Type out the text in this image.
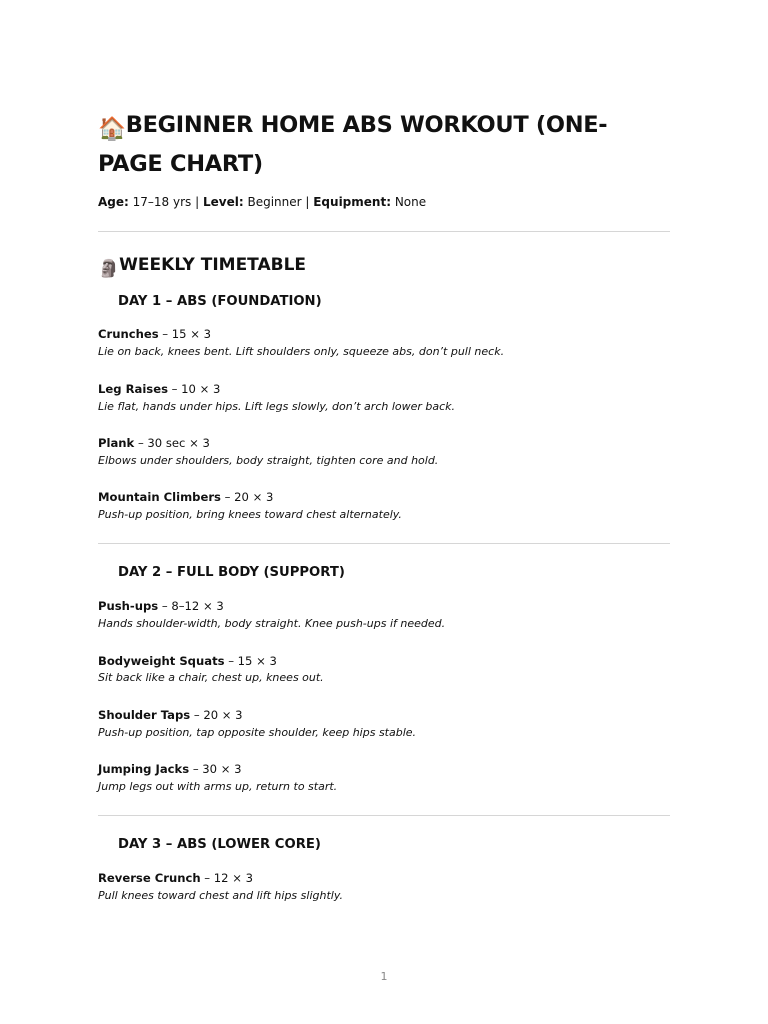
🏠BEGINNER HOME ABS WORKOUT (ONE-PAGE CHART)
Age: 17–18 yrs | Level: Beginner | Equipment: None
🗿WEEKLY TIMETABLE
DAY 1 – ABS (FOUNDATION)
Crunches – 15 × 3
Lie on back, knees bent. Lift shoulders only, squeeze abs, don’t pull neck.
Leg Raises – 10 × 3
Lie flat, hands under hips. Lift legs slowly, don’t arch lower back.
Plank – 30 sec × 3
Elbows under shoulders, body straight, tighten core and hold.
Mountain Climbers – 20 × 3
Push-up position, bring knees toward chest alternately.
DAY 2 – FULL BODY (SUPPORT)
Push-ups – 8–12 × 3
Hands shoulder-width, body straight. Knee push-ups if needed.
Bodyweight Squats – 15 × 3
Sit back like a chair, chest up, knees out.
Shoulder Taps – 20 × 3
Push-up position, tap opposite shoulder, keep hips stable.
Jumping Jacks – 30 × 3
Jump legs out with arms up, return to start.
DAY 3 – ABS (LOWER CORE)
Reverse Crunch – 12 × 3
Pull knees toward chest and lift hips slightly.
1
